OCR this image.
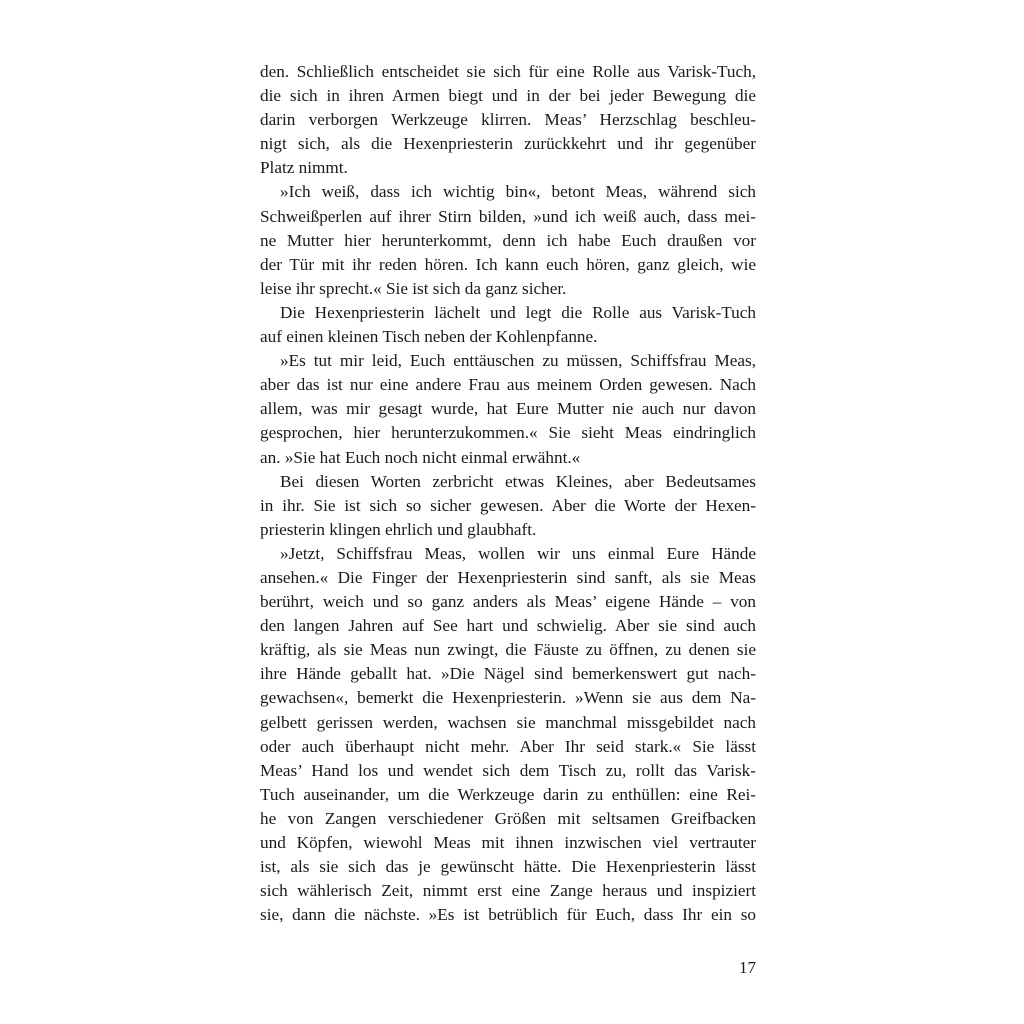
den. Schließlich entscheidet sie sich für eine Rolle aus Varisk-Tuch,
die sich in ihren Armen biegt und in der bei jeder Bewegung die
darin verborgen Werkzeuge klirren. Meas’ Herzschlag beschleu-
nigt sich, als die Hexenpriesterin zurückkehrt und ihr gegenüber
Platz nimmt.
»Ich weiß, dass ich wichtig bin«, betont Meas, während sich
Schweißperlen auf ihrer Stirn bilden, »und ich weiß auch, dass mei-
ne Mutter hier herunterkommt, denn ich habe Euch draußen vor
der Tür mit ihr reden hören. Ich kann euch hören, ganz gleich, wie
leise ihr sprecht.« Sie ist sich da ganz sicher.
Die Hexenpriesterin lächelt und legt die Rolle aus Varisk-Tuch
auf einen kleinen Tisch neben der Kohlenpfanne.
»Es tut mir leid, Euch enttäuschen zu müssen, Schiffsfrau Meas,
aber das ist nur eine andere Frau aus meinem Orden gewesen. Nach
allem, was mir gesagt wurde, hat Eure Mutter nie auch nur davon
gesprochen, hier herunterzukommen.« Sie sieht Meas eindringlich
an. »Sie hat Euch noch nicht einmal erwähnt.«
Bei diesen Worten zerbricht etwas Kleines, aber Bedeutsames
in ihr. Sie ist sich so sicher gewesen. Aber die Worte der Hexen-
priesterin klingen ehrlich und glaubhaft.
»Jetzt, Schiffsfrau Meas, wollen wir uns einmal Eure Hände
ansehen.« Die Finger der Hexenpriesterin sind sanft, als sie Meas
berührt, weich und so ganz anders als Meas’ eigene Hände – von
den langen Jahren auf See hart und schwielig. Aber sie sind auch
kräftig, als sie Meas nun zwingt, die Fäuste zu öffnen, zu denen sie
ihre Hände geballt hat. »Die Nägel sind bemerkenswert gut nach-
gewachsen«, bemerkt die Hexenpriesterin. »Wenn sie aus dem Na-
gelbett gerissen werden, wachsen sie manchmal missgebildet nach
oder auch überhaupt nicht mehr. Aber Ihr seid stark.« Sie lässt
Meas’ Hand los und wendet sich dem Tisch zu, rollt das Varisk-
Tuch auseinander, um die Werkzeuge darin zu enthüllen: eine Rei-
he von Zangen verschiedener Größen mit seltsamen Greifbacken
und Köpfen, wiewohl Meas mit ihnen inzwischen viel vertrauter
ist, als sie sich das je gewünscht hätte. Die Hexenpriesterin lässt
sich wählerisch Zeit, nimmt erst eine Zange heraus und inspiziert
sie, dann die nächste. »Es ist betrüblich für Euch, dass Ihr ein so
17
